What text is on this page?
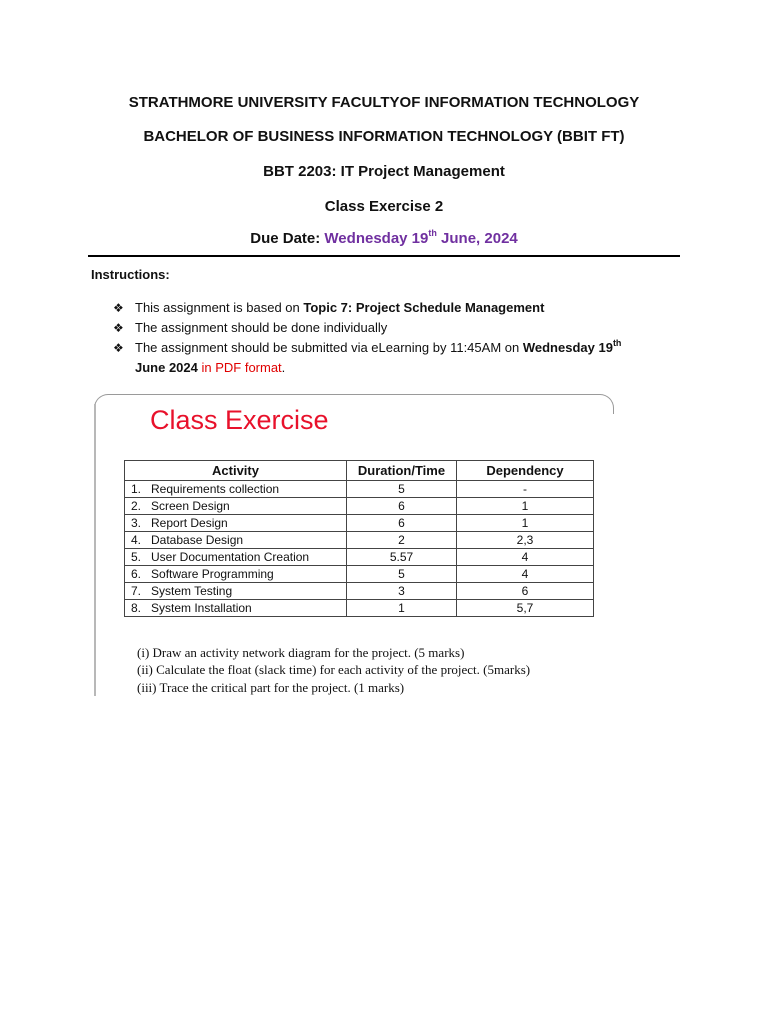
STRATHMORE UNIVERSITY FACULTYOF INFORMATION TECHNOLOGY
BACHELOR OF BUSINESS INFORMATION TECHNOLOGY (BBIT FT)
BBT 2203: IT Project Management
Class Exercise 2
Due Date: Wednesday 19th June, 2024
Instructions:
❖ This assignment is based on Topic 7: Project Schedule Management
❖ The assignment should be done individually
❖ The assignment should be submitted via eLearning by 11:45AM on Wednesday 19th
June 2024 in PDF format.
Class Exercise
Activity	Duration/Time	Dependency
1.   Requirements collection	5	-
2.   Screen Design	6	1
3.   Report Design	6	1
4.   Database Design	2	2,3
5.   User Documentation Creation	5.57	4
6.   Software Programming	5	4
7.   System Testing	3	6
8.   System Installation	1	5,7
(i) Draw an activity network diagram for the project. (5 marks)
(ii) Calculate the float (slack time) for each activity of the project. (5marks)
(iii) Trace the critical part for the project. (1 marks)
